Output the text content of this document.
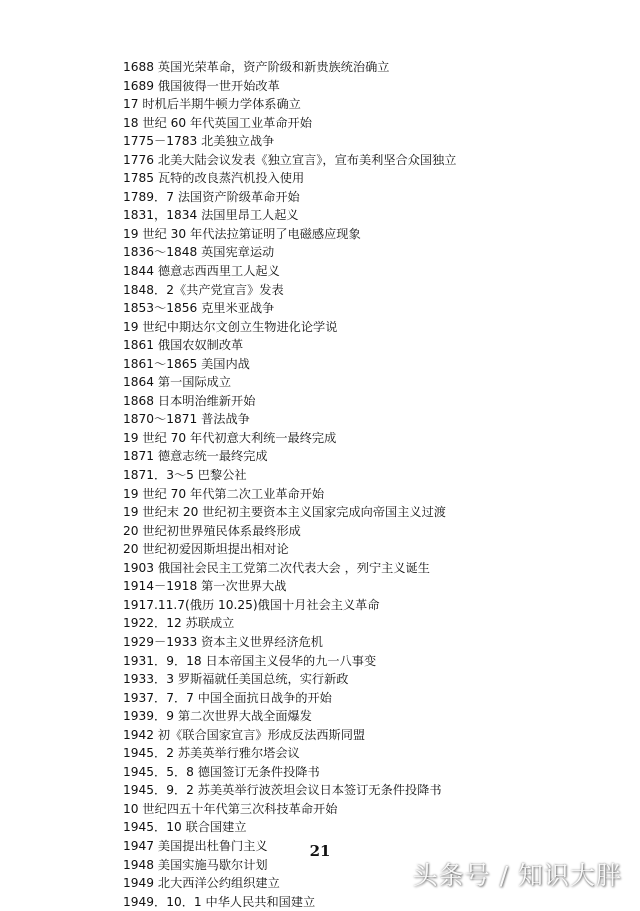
1688 英国光荣革命，资产阶级和新贵族统治确立
1689 俄国彼得一世开始改革
17 时机后半期牛顿力学体系确立
18 世纪 60 年代英国工业革命开始
1775－1783 北美独立战争
1776 北美大陆会议发表《独立宣言》，宣布美利坚合众国独立
1785 瓦特的改良蒸汽机投入使用
1789．7 法国资产阶级革命开始
1831，1834 法国里昂工人起义
19 世纪 30 年代法拉第证明了电磁感应现象
1836～1848 英国宪章运动
1844 德意志西西里工人起义
1848．2《共产党宣言》发表
1853～1856 克里米亚战争
19 世纪中期达尔文创立生物进化论学说
1861 俄国农奴制改革
1861～1865 美国内战
1864 第一国际成立
1868 日本明治维新开始
1870～1871 普法战争
19 世纪 70 年代初意大利统一最终完成
1871 德意志统一最终完成
1871．3～5 巴黎公社
19 世纪 70 年代第二次工业革命开始
19 世纪末 20 世纪初主要资本主义国家完成向帝国主义过渡
20 世纪初世界殖民体系最终形成
20 世纪初爱因斯坦提出相对论
1903 俄国社会民主工党第二次代表大会 ，列宁主义诞生
1914－1918 第一次世界大战
1917.11.7(俄历 10.25)俄国十月社会主义革命
1922．12 苏联成立
1929－1933 资本主义世界经济危机
1931．9．18 日本帝国主义侵华的九一八事变
1933．3 罗斯福就任美国总统，实行新政
1937．7．7 中国全面抗日战争的开始
1939．9 第二次世界大战全面爆发
1942 初《联合国家宣言》形成反法西斯同盟
1945．2 苏美英举行雅尔塔会议
1945．5．8 德国签订无条件投降书
1945．9．2 苏美英举行波茨坦会议日本签订无条件投降书
10 世纪四五十年代第三次科技革命开始
1945．10 联合国建立
1947 美国提出杜鲁门主义
1948 美国实施马歇尔计划
1949 北大西洋公约组织建立
1949．10．1 中华人民共和国建立
21
头条号 / 知识大胖
